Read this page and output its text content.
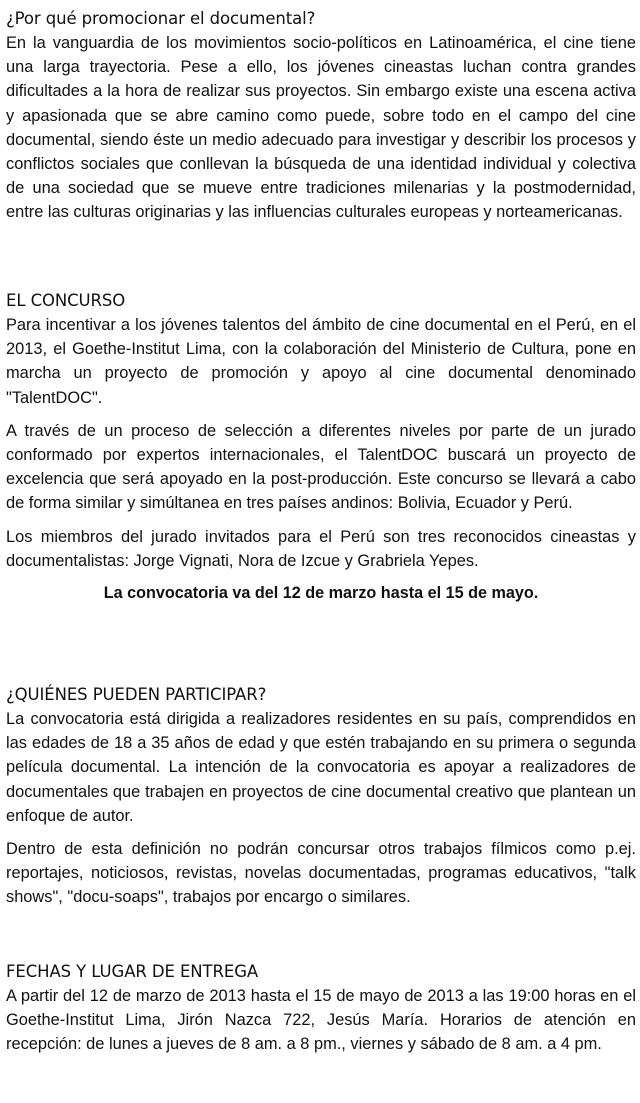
¿Por qué promocionar el documental?

En la vanguardia de los movimientos socio-políticos en Latinoamérica, el cine tiene una larga trayectoria. Pese a ello, los jóvenes cineastas luchan contra grandes dificultades a la hora de realizar sus proyectos. Sin embargo existe una escena activa y apasionada que se abre camino como puede, sobre todo en el campo del cine documental, siendo éste un medio adecuado para investigar y describir los procesos y conflictos sociales que conllevan la búsqueda de una identidad individual y colectiva de una sociedad que se mueve entre tradiciones milenarias y la postmodernidad, entre las culturas originarias y las influencias culturales europeas y norteamericanas.

EL CONCURSO

Para incentivar a los jóvenes talentos del ámbito de cine documental en el Perú, en el 2013, el Goethe-Institut Lima, con la colaboración del Ministerio de Cultura, pone en marcha un proyecto de promoción y apoyo al cine documental denominado "TalentDOC".

A través de un proceso de selección a diferentes niveles por parte de un jurado conformado por expertos internacionales, el TalentDOC buscará un proyecto de excelencia que será apoyado en la post-producción. Este concurso se llevará a cabo de forma similar y simúltanea en tres países andinos: Bolivia, Ecuador y Perú.

Los miembros del jurado invitados para el Perú son tres reconocidos cineastas y documentalistas: Jorge Vignati, Nora de Izcue y Grabriela Yepes.

La convocatoria va del 12 de marzo hasta el 15 de mayo.

¿QUIÉNES PUEDEN PARTICIPAR?

La convocatoria está dirigida a realizadores residentes en su país, comprendidos en las edades de 18 a 35 años de edad y que estén trabajando en su primera o segunda película documental. La intención de la convocatoria es apoyar a realizadores de documentales que trabajen en proyectos de cine documental creativo que plantean un enfoque de autor.

Dentro de esta definición no podrán concursar otros trabajos fílmicos como p.ej. reportajes, noticiosos, revistas, novelas documentadas, programas educativos, "talk shows", "docu-soaps", trabajos por encargo o similares.

FECHAS Y LUGAR DE ENTREGA

A partir del 12 de marzo de 2013 hasta el 15 de mayo de 2013 a las 19:00 horas en el Goethe-Institut Lima, Jirón Nazca 722, Jesús María. Horarios de atención en recepción: de lunes a jueves de 8 am. a 8 pm., viernes y sábado de 8 am. a 4 pm.
